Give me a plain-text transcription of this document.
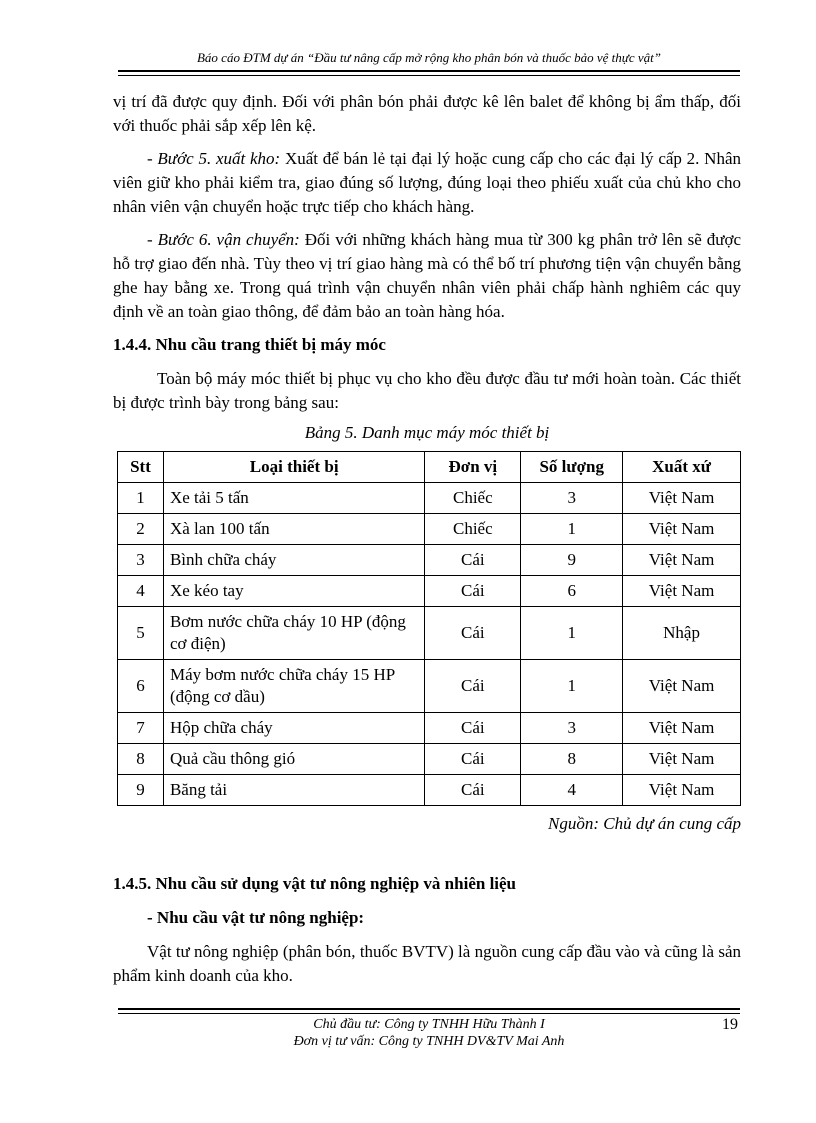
Báo cáo ĐTM dự án “Đầu tư nâng cấp mở rộng kho phân bón và thuốc bảo vệ thực vật”

vị trí đã được quy định. Đối với phân bón phải được kê lên balet để không bị ẩm thấp, đối với thuốc phải sắp xếp lên kệ.

- Bước 5. xuất kho: Xuất để bán lẻ tại đại lý hoặc cung cấp cho các đại lý cấp 2. Nhân viên giữ kho phải kiểm tra, giao đúng số lượng, đúng loại theo phiếu xuất của chủ kho cho nhân viên vận chuyển hoặc trực tiếp cho khách hàng.

- Bước 6. vận chuyển: Đối với những khách hàng mua từ 300 kg phân trở lên sẽ được hỗ trợ giao đến nhà. Tùy theo vị trí giao hàng mà có thể bố trí phương tiện vận chuyển bằng ghe hay bằng xe. Trong quá trình vận chuyển nhân viên phải chấp hành nghiêm các quy định về an toàn giao thông, để đảm bảo an toàn hàng hóa.

1.4.4. Nhu cầu trang thiết bị máy móc

Toàn bộ máy móc thiết bị phục vụ cho kho đều được đầu tư mới hoàn toàn. Các thiết bị được trình bày trong bảng sau:

Bảng 5. Danh mục máy móc thiết bị

Stt	Loại thiết bị	Đơn vị	Số lượng	Xuất xứ
1	Xe tải 5 tấn	Chiếc	3	Việt Nam
2	Xà lan 100 tấn	Chiếc	1	Việt Nam
3	Bình chữa cháy	Cái	9	Việt Nam
4	Xe kéo tay	Cái	6	Việt Nam
5	Bơm nước chữa cháy 10 HP (động cơ điện)	Cái	1	Nhập
6	Máy bơm nước chữa cháy 15 HP (động cơ dầu)	Cái	1	Việt Nam
7	Hộp chữa cháy	Cái	3	Việt Nam
8	Quả cầu thông gió	Cái	8	Việt Nam
9	Băng tải	Cái	4	Việt Nam

Nguồn: Chủ dự án cung cấp

1.4.5. Nhu cầu sử dụng vật tư nông nghiệp và nhiên liệu

- Nhu cầu vật tư nông nghiệp:

Vật tư nông nghiệp (phân bón, thuốc BVTV) là nguồn cung cấp đầu vào và cũng là sản phẩm kinh doanh của kho.

Chủ đầu tư: Công ty TNHH Hữu Thành I
Đơn vị tư vấn: Công ty TNHH DV&TV Mai Anh
19
